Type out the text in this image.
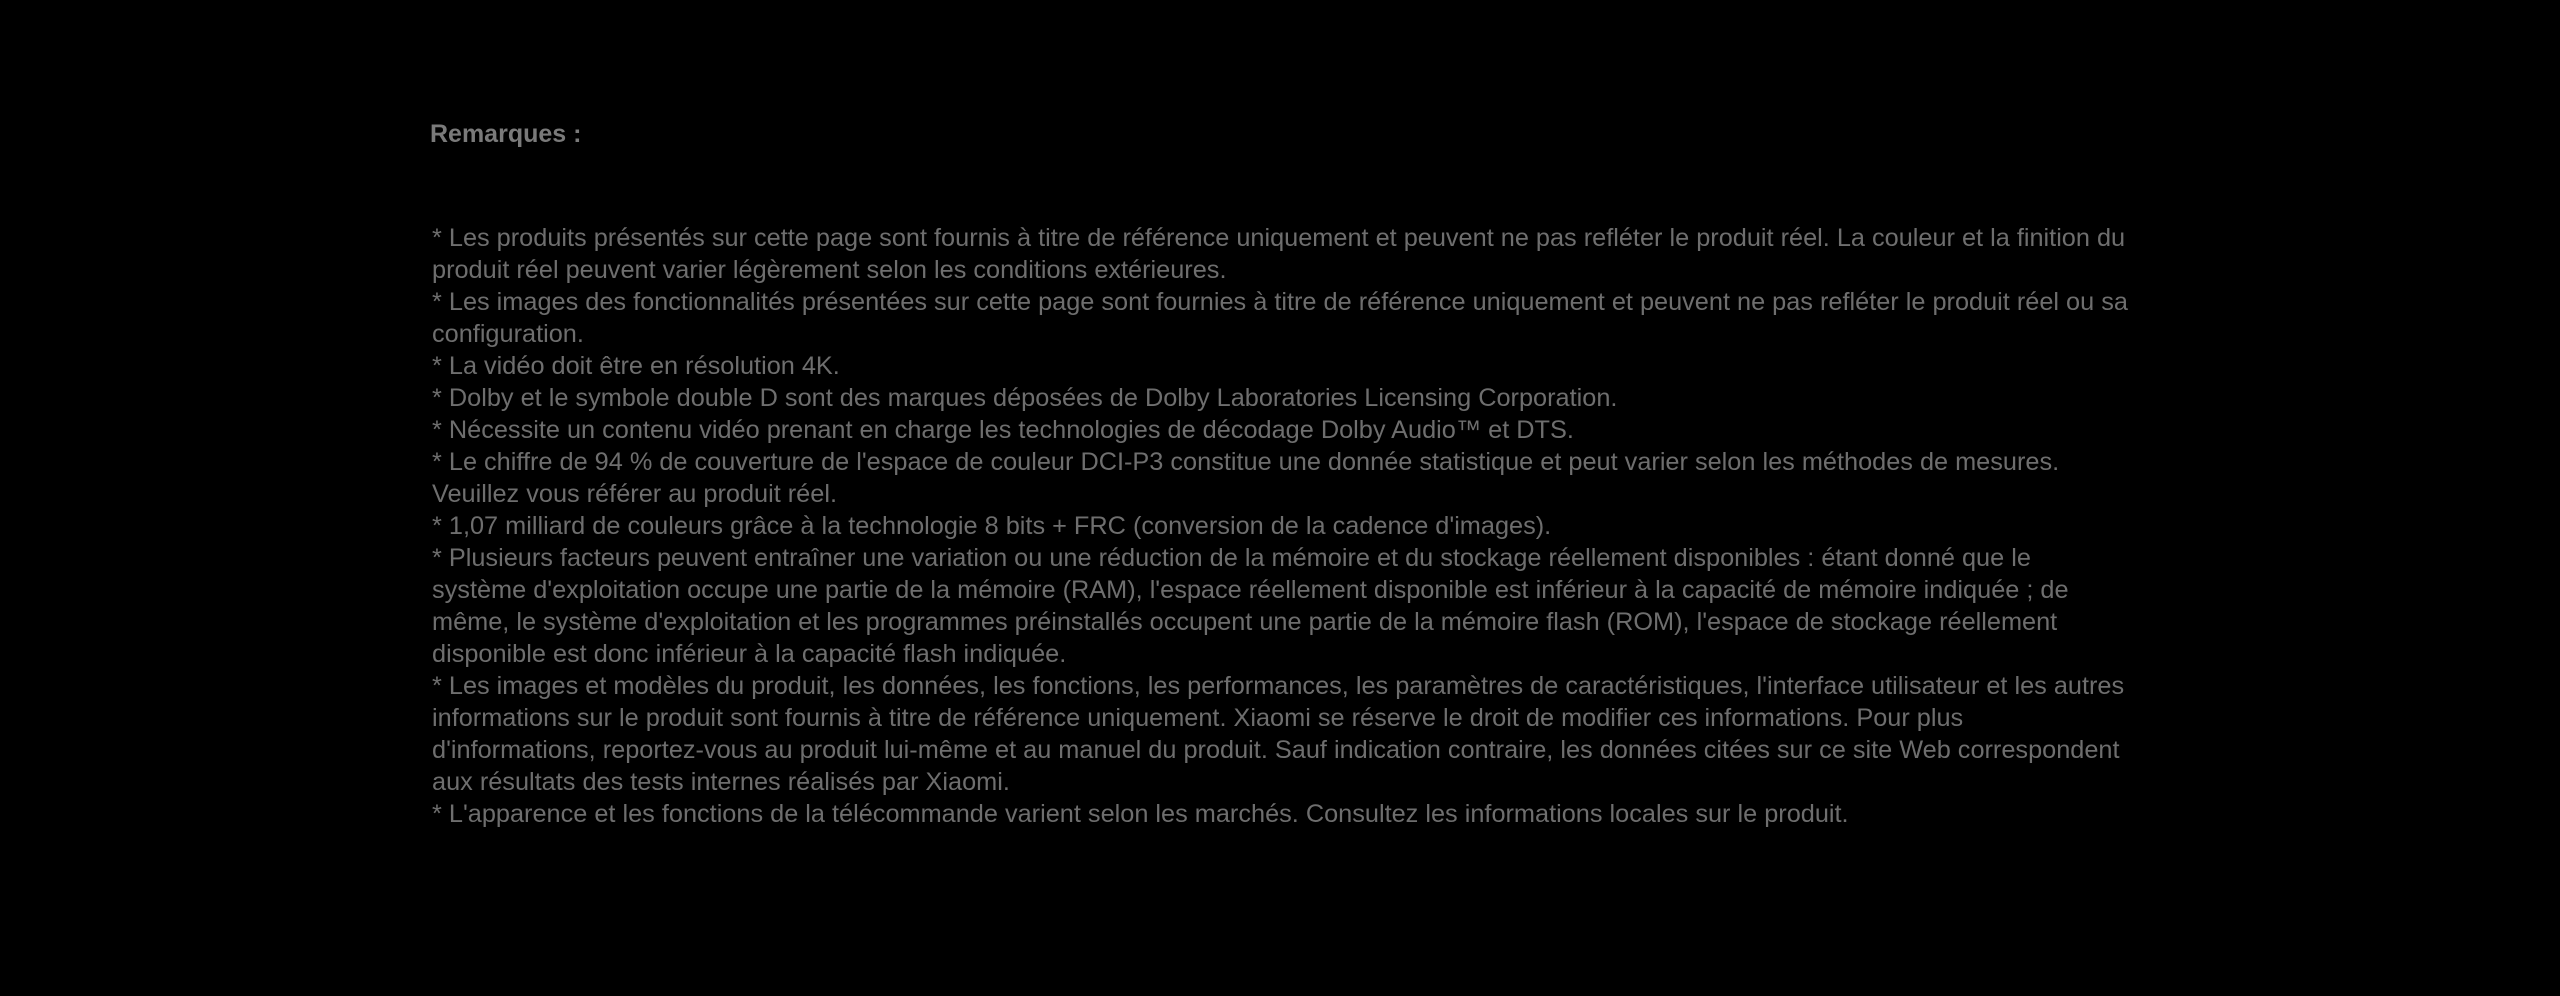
Remarques :
* Les produits présentés sur cette page sont fournis à titre de référence uniquement et peuvent ne pas refléter le produit réel. La couleur et la finition du produit réel peuvent varier légèrement selon les conditions extérieures.
* Les images des fonctionnalités présentées sur cette page sont fournies à titre de référence uniquement et peuvent ne pas refléter le produit réel ou sa configuration.
* La vidéo doit être en résolution 4K.
* Dolby et le symbole double D sont des marques déposées de Dolby Laboratories Licensing Corporation.
* Nécessite un contenu vidéo prenant en charge les technologies de décodage Dolby Audio™ et DTS.
* Le chiffre de 94 % de couverture de l'espace de couleur DCI-P3 constitue une donnée statistique et peut varier selon les méthodes de mesures. Veuillez vous référer au produit réel.
* 1,07 milliard de couleurs grâce à la technologie 8 bits + FRC (conversion de la cadence d'images).
* Plusieurs facteurs peuvent entraîner une variation ou une réduction de la mémoire et du stockage réellement disponibles : étant donné que le système d'exploitation occupe une partie de la mémoire (RAM), l'espace réellement disponible est inférieur à la capacité de mémoire indiquée ; de même, le système d'exploitation et les programmes préinstallés occupent une partie de la mémoire flash (ROM), l'espace de stockage réellement disponible est donc inférieur à la capacité flash indiquée.
* Les images et modèles du produit, les données, les fonctions, les performances, les paramètres de caractéristiques, l'interface utilisateur et les autres informations sur le produit sont fournis à titre de référence uniquement. Xiaomi se réserve le droit de modifier ces informations. Pour plus d'informations, reportez-vous au produit lui-même et au manuel du produit. Sauf indication contraire, les données citées sur ce site Web correspondent aux résultats des tests internes réalisés par Xiaomi.
* L'apparence et les fonctions de la télécommande varient selon les marchés. Consultez les informations locales sur le produit.
